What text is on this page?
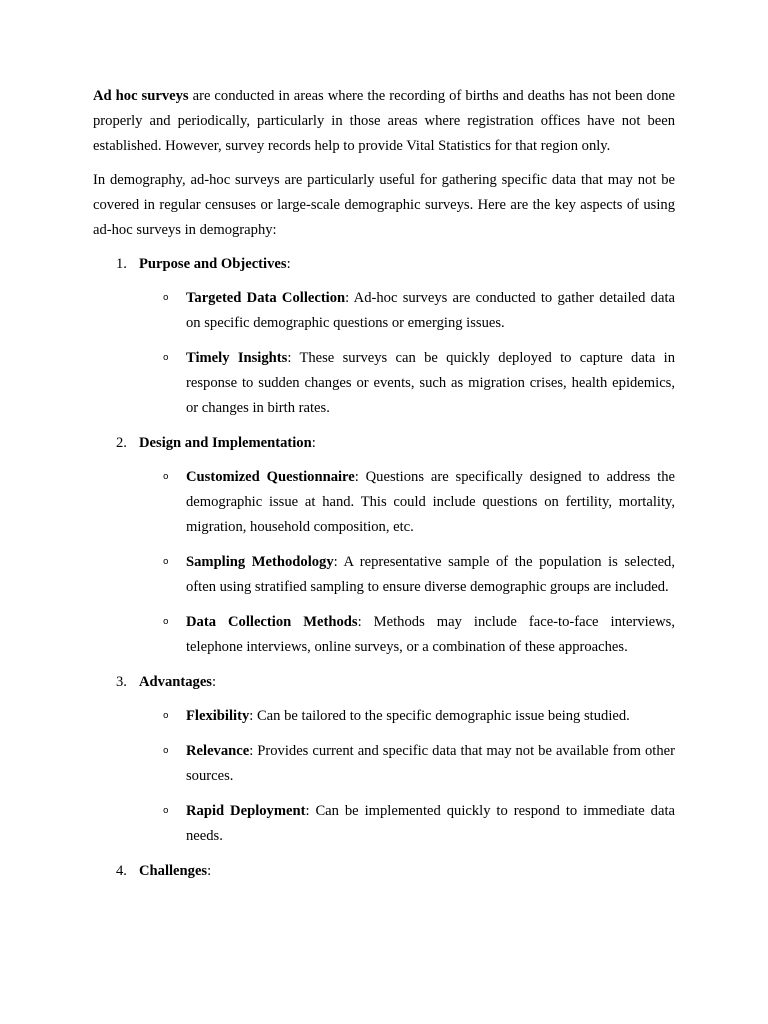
Ad hoc surveys are conducted in areas where the recording of births and deaths has not been done properly and periodically, particularly in those areas where registration offices have not been established. However, survey records help to provide Vital Statistics for that region only.

In demography, ad-hoc surveys are particularly useful for gathering specific data that may not be covered in regular censuses or large-scale demographic surveys. Here are the key aspects of using ad-hoc surveys in demography:

1. Purpose and Objectives:
o Targeted Data Collection: Ad-hoc surveys are conducted to gather detailed data on specific demographic questions or emerging issues.
o Timely Insights: These surveys can be quickly deployed to capture data in response to sudden changes or events, such as migration crises, health epidemics, or changes in birth rates.
2. Design and Implementation:
o Customized Questionnaire: Questions are specifically designed to address the demographic issue at hand. This could include questions on fertility, mortality, migration, household composition, etc.
o Sampling Methodology: A representative sample of the population is selected, often using stratified sampling to ensure diverse demographic groups are included.
o Data Collection Methods: Methods may include face-to-face interviews, telephone interviews, online surveys, or a combination of these approaches.
3. Advantages:
o Flexibility: Can be tailored to the specific demographic issue being studied.
o Relevance: Provides current and specific data that may not be available from other sources.
o Rapid Deployment: Can be implemented quickly to respond to immediate data needs.
4. Challenges:
